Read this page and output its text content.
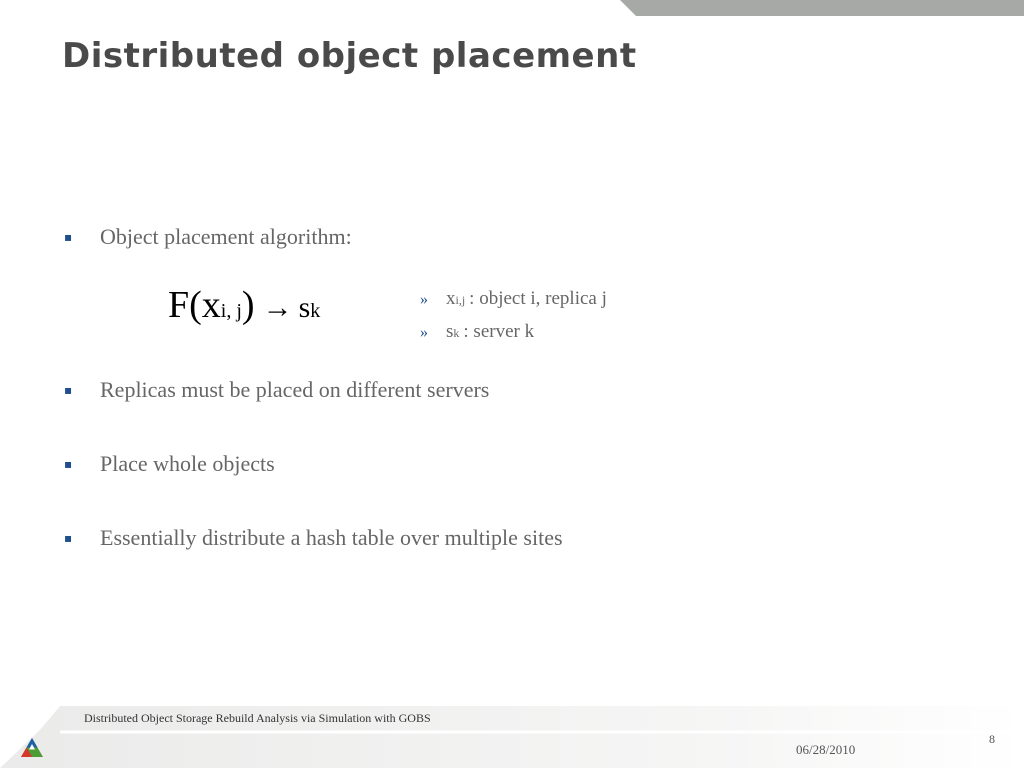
Distributed object placement
▪	Object placement algorithm:
F(xi, j) → sk
» x i,j : object i, replica j
» s k : server k
▪	Replicas must be placed on different servers
▪	Place whole objects
▪	Essentially distribute a hash table over multiple sites
Distributed Object Storage Rebuild Analysis via Simulation with GOBS
06/28/2010
8
